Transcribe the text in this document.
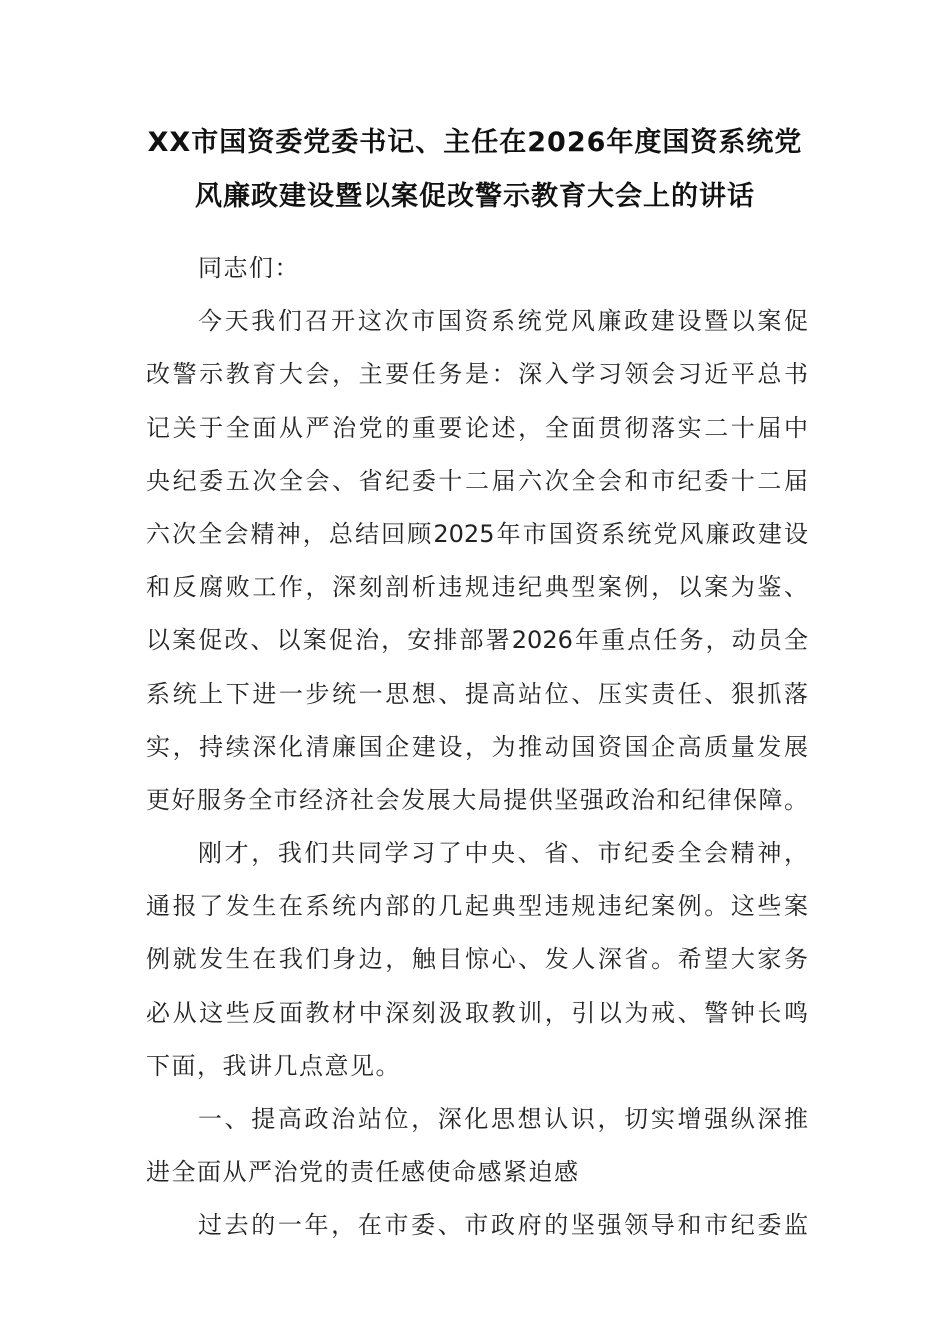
XX市国资委党委书记、主任在2026年度国资系统党
风廉政建设暨以案促改警示教育大会上的讲话
同志们：
今天我们召开这次市国资系统党风廉政建设暨以案促
改警示教育大会，主要任务是：深入学习领会习近平总书
记关于全面从严治党的重要论述，全面贯彻落实二十届中
央纪委五次全会、省纪委十二届六次全会和市纪委十二届
六次全会精神，总结回顾2025年市国资系统党风廉政建设
和反腐败工作，深刻剖析违规违纪典型案例，以案为鉴、
以案促改、以案促治，安排部署2026年重点任务，动员全
系统上下进一步统一思想、提高站位、压实责任、狠抓落
实，持续深化清廉国企建设，为推动国资国企高质量发展
更好服务全市经济社会发展大局提供坚强政治和纪律保障。
刚才，我们共同学习了中央、省、市纪委全会精神，
通报了发生在系统内部的几起典型违规违纪案例。这些案
例就发生在我们身边，触目惊心、发人深省。希望大家务
必从这些反面教材中深刻汲取教训，引以为戒、警钟长鸣
下面，我讲几点意见。
一、提高政治站位，深化思想认识，切实增强纵深推
进全面从严治党的责任感使命感紧迫感
过去的一年，在市委、市政府的坚强领导和市纪委监
